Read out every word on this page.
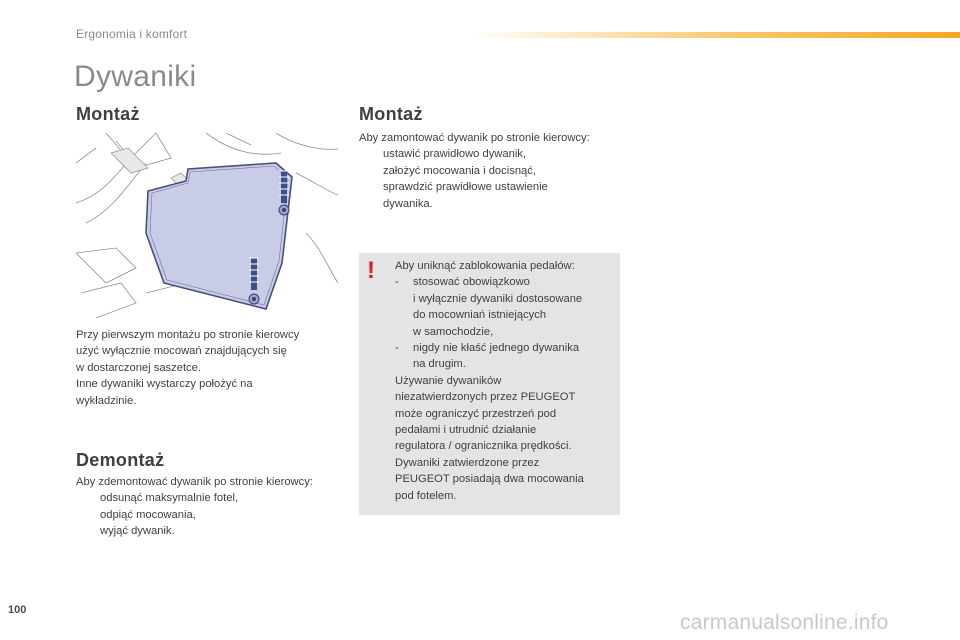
Ergonomia i komfort
Dywaniki
Montaż
Przy pierwszym montażu po stronie kierowcy
użyć wyłącznie mocowań znajdujących się
w dostarczonej saszetce.
Inne dywaniki wystarczy położyć na
wykładzinie.
Demontaż
Aby zdemontować dywanik po stronie kierowcy:
odsunąć maksymalnie fotel,
odpiąć mocowania,
wyjąć dywanik.
Montaż
Aby zamontować dywanik po stronie kierowcy:
ustawić prawidłowo dywanik,
założyć mocowania i docisnąć,
sprawdzić prawidłowe ustawienie
dywanika.
! Aby uniknąć zablokowania pedałów:
- stosować obowiązkowo
i wyłącznie dywaniki dostosowane
do mocowniań istniejących
w samochodzie,
- nigdy nie kłaść jednego dywanika
na drugim.
Używanie dywaników
niezatwierdzonych przez PEUGEOT
może ograniczyć przestrzeń pod
pedałami i utrudnić działanie
regulatora / ogranicznika prędkości.
Dywaniki zatwierdzone przez
PEUGEOT posiadają dwa mocowania
pod fotelem.
100
carmanualsonline.info
